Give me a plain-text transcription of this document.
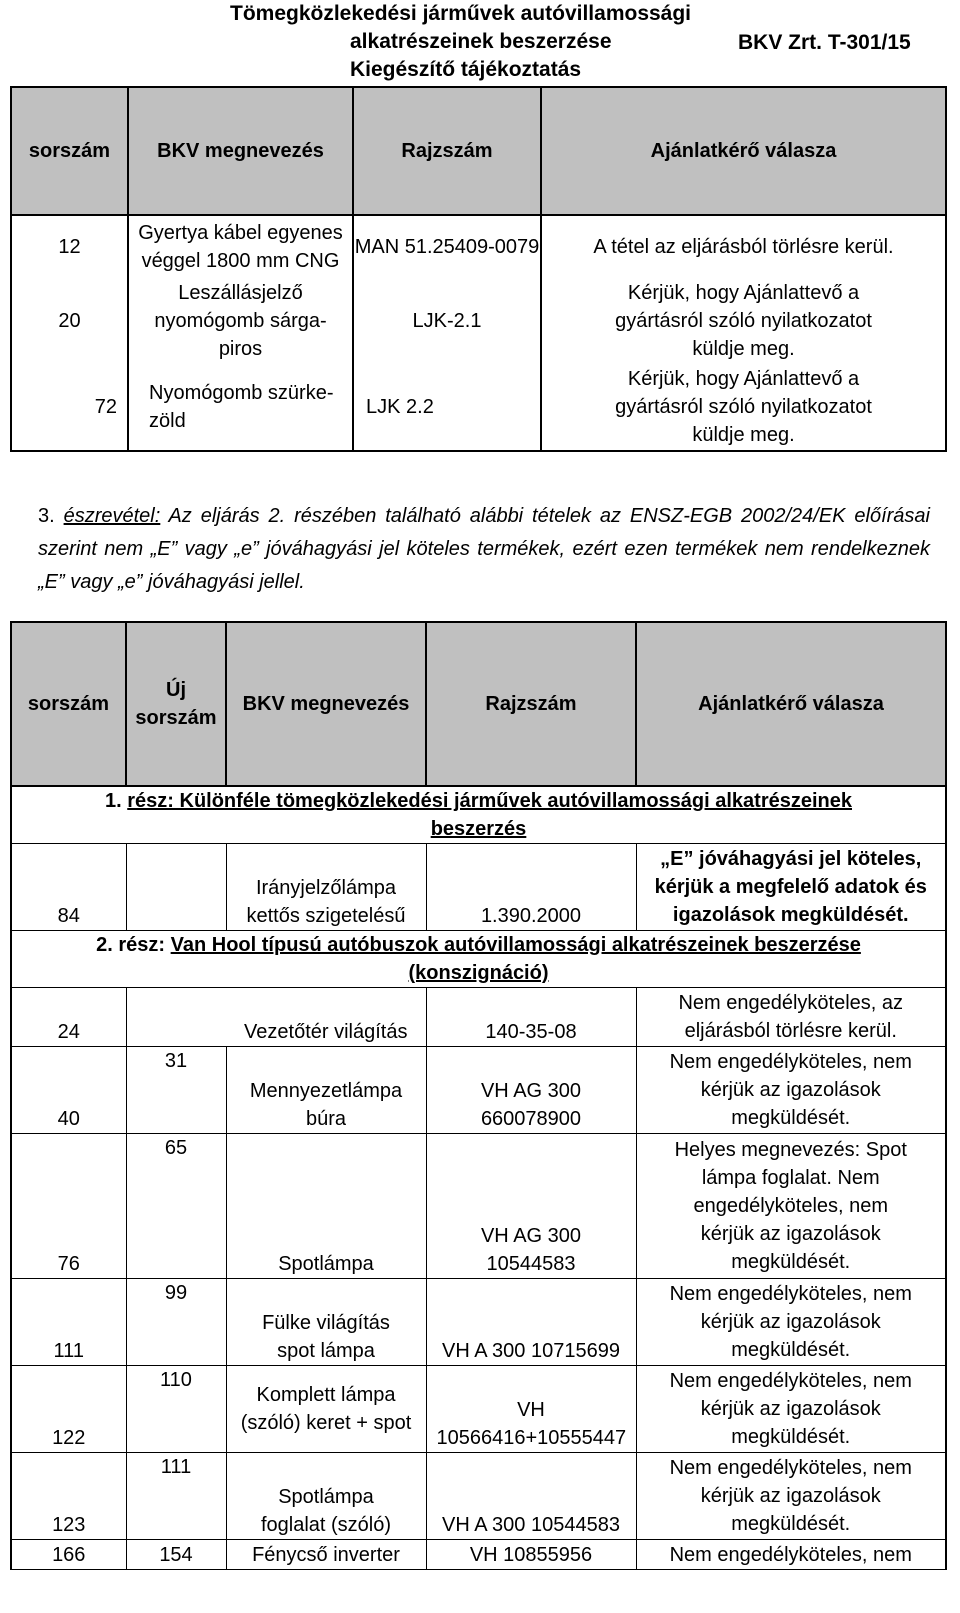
Tömegközlekedési járművek autóvillamossági
alkatrészeinek beszerzése
Kiegészítő tájékoztatás
BKV Zrt. T-301/15
sorszám	BKV megnevezés	Rajzszám	Ajánlatkérő válasza
12	Gyertya kábel egyenes véggel 1800 mm CNG	MAN 51.25409-0079	A tétel az eljárásból törlésre kerül.
20	Leszállásjelző nyomógomb sárga-piros	LJK-2.1	Kérjük, hogy Ajánlattevő a gyártásról szóló nyilatkozatot küldje meg.
72	Nyomógomb szürke-zöld	LJK 2.2	Kérjük, hogy Ajánlattevő a gyártásról szóló nyilatkozatot küldje meg.
3. észrevétel: Az eljárás 2. részében található alábbi tételek az ENSZ-EGB 2002/24/EK előírásai szerint nem „E” vagy „e” jóváhagyási jel köteles termékek, ezért ezen termékek nem rendelkeznek „E” vagy „e” jóváhagyási jellel.
sorszám	Új sorszám	BKV megnevezés	Rajzszám	Ajánlatkérő válasza
1. rész: Különféle tömegközlekedési járművek autóvillamossági alkatrészeinek beszerzés				
84		Irányjelzőlámpa kettős szigetelésű	1.390.2000	„E” jóváhagyási jel köteles, kérjük a megfelelő adatok és igazolások megküldését.
2. rész: Van Hool típusú autóbuszok autóvillamossági alkatrészeinek beszerzése (konszignáció)				
24		Vezetőtér világítás	140-35-08	Nem engedélyköteles, az eljárásból törlésre kerül.
40	31	Mennyezetlámpa búra	VH AG 300 660078900	Nem engedélyköteles, nem kérjük az igazolások megküldését.
76	65	Spotlámpa	VH AG 300 10544583	Helyes megnevezés: Spot lámpa foglalat. Nem engedélyköteles, nem kérjük az igazolások megküldését.
111	99	Fülke világítás spot lámpa	VH A 300 10715699	Nem engedélyköteles, nem kérjük az igazolások megküldését.
122	110	Komplett lámpa (szóló) keret + spot	VH 10566416+10555447	Nem engedélyköteles, nem kérjük az igazolások megküldését.
123	111	Spotlámpa foglalat (szóló)	VH A 300 10544583	Nem engedélyköteles, nem kérjük az igazolások megküldését.
166	154	Fénycső inverter	VH 10855956	Nem engedélyköteles, nem
